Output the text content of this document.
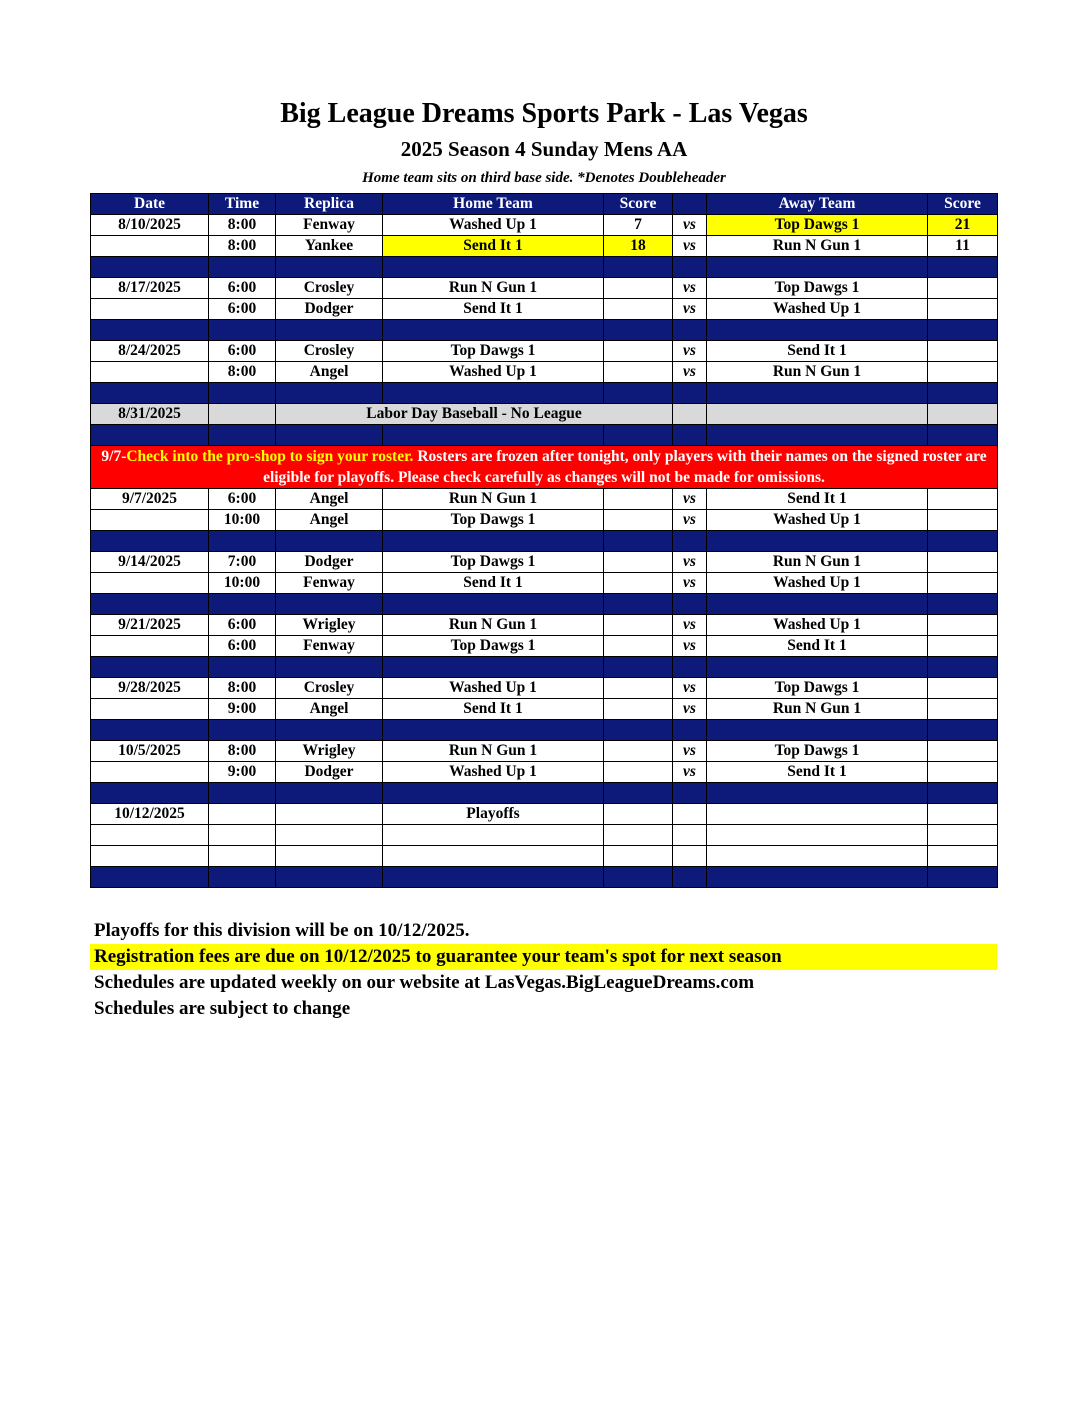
Big League Dreams Sports Park - Las Vegas
2025 Season 4 Sunday Mens AA
Home team sits on third base side. *Denotes Doubleheader
Date	Time	Replica	Home Team	Score		Away Team	Score
8/10/2025	8:00	Fenway	Washed Up 1	7	vs	Top Dawgs 1	21
	8:00	Yankee	Send It 1	18	vs	Run N Gun 1	11

8/17/2025	6:00	Crosley	Run N Gun 1		vs	Top Dawgs 1	
	6:00	Dodger	Send It 1		vs	Washed Up 1	

8/24/2025	6:00	Crosley	Top Dawgs 1		vs	Send It 1	
	8:00	Angel	Washed Up 1		vs	Run N Gun 1	

8/31/2025		Labor Day Baseball - No League					

9/7-Check into the pro-shop to sign your roster. Rosters are frozen after tonight, only players with their names on the signed roster are eligible for playoffs. Please check carefully as changes will not be made for omissions.							
9/7/2025	6:00	Angel	Run N Gun 1		vs	Send It 1	
	10:00	Angel	Top Dawgs 1		vs	Washed Up 1	

9/14/2025	7:00	Dodger	Top Dawgs 1		vs	Run N Gun 1	
	10:00	Fenway	Send It 1		vs	Washed Up 1	

9/21/2025	6:00	Wrigley	Run N Gun 1		vs	Washed Up 1	
	6:00	Fenway	Top Dawgs 1		vs	Send It 1	

9/28/2025	8:00	Crosley	Washed Up 1		vs	Top Dawgs 1	
	9:00	Angel	Send It 1		vs	Run N Gun 1	

10/5/2025	8:00	Wrigley	Run N Gun 1		vs	Top Dawgs 1	
	9:00	Dodger	Washed Up 1		vs	Send It 1	

10/12/2025			Playoffs				

Playoffs for this division will be on 10/12/2025.
Registration fees are due on 10/12/2025 to guarantee your team's spot for next season
Schedules are updated weekly on our website at LasVegas.BigLeagueDreams.com
Schedules are subject to change
